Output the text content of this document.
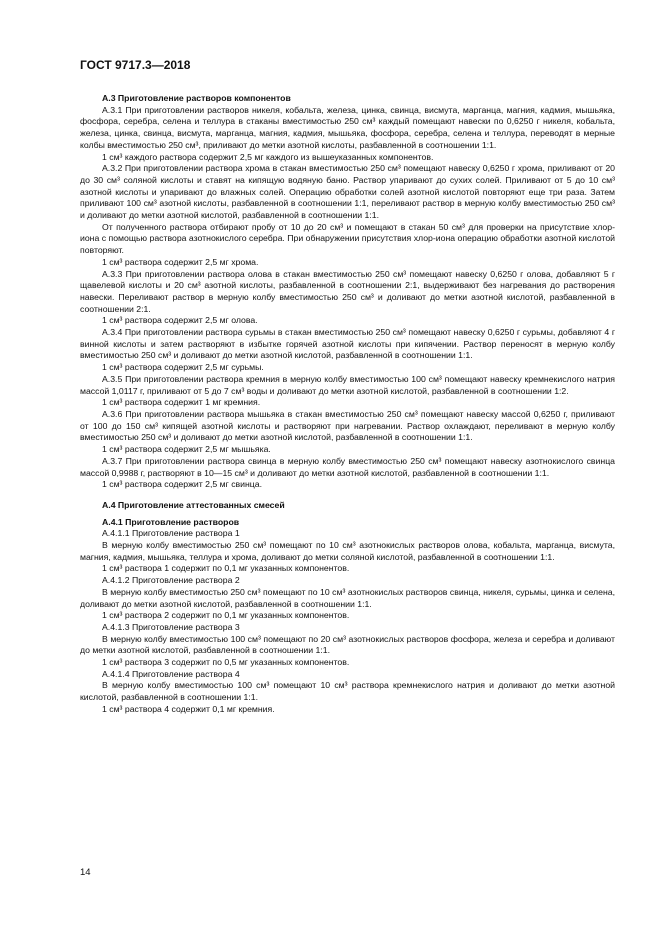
ГОСТ 9717.3—2018

А.3 Приготовление растворов компонентов

А.3.1 При приготовлении растворов никеля, кобальта, железа, цинка, свинца, висмута, марганца, магния, кадмия, мышьяка, фосфора, серебра, селена и теллура в стаканы вместимостью 250 см³ каждый помещают навески по 0,6250 г никеля, кобальта, железа, цинка, свинца, висмута, марганца, магния, кадмия, мышьяка, фосфора, серебра, селена и теллура, переводят в мерные колбы вместимостью 250 см³, приливают до метки азотной кислоты, разбавленной в соотношении 1:1.

1 см³ каждого раствора содержит 2,5 мг каждого из вышеуказанных компонентов.

А.3.2 При приготовлении раствора хрома в стакан вместимостью 250 см³ помещают навеску 0,6250 г хрома, приливают от 20 до 30 см³ соляной кислоты и ставят на кипящую водяную баню. Раствор упаривают до сухих солей. Приливают от 5 до 10 см³ азотной кислоты и упаривают до влажных солей. Операцию обработки солей азотной кислотой повторяют еще три раза. Затем приливают 100 см³ азотной кислоты, разбавленной в соотношении 1:1, переливают раствор в мерную колбу вместимостью 250 см³ и доливают до метки азотной кислотой, разбавленной в соотношении 1:1.

От полученного раствора отбирают пробу от 10 до 20 см³ и помещают в стакан 50 см³ для проверки на присутствие хлор-иона с помощью раствора азотнокислого серебра. При обнаружении присутствия хлор-иона операцию обработки азотной кислотой повторяют.

1 см³ раствора содержит 2,5 мг хрома.

А.3.3 При приготовлении раствора олова в стакан вместимостью 250 см³ помещают навеску 0,6250 г олова, добавляют 5 г щавелевой кислоты и 20 см³ азотной кислоты, разбавленной в соотношении 2:1, выдерживают без нагревания до растворения навески. Переливают раствор в мерную колбу вместимостью 250 см³ и доливают до метки азотной кислотой, разбавленной в соотношении 2:1.

1 см³ раствора содержит 2,5 мг олова.

А.3.4 При приготовлении раствора сурьмы в стакан вместимостью 250 см³ помещают навеску 0,6250 г сурьмы, добавляют 4 г винной кислоты и затем растворяют в избытке горячей азотной кислоты при кипячении. Раствор переносят в мерную колбу вместимостью 250 см³ и доливают до метки азотной кислотой, разбавленной в соотношении 1:1.

1 см³ раствора содержит 2,5 мг сурьмы.

А.3.5 При приготовлении раствора кремния в мерную колбу вместимостью 100 см³ помещают навеску кремнекислого натрия массой 1,0117 г, приливают от 5 до 7 см³ воды и доливают до метки азотной кислотой, разбавленной в соотношении 1:2.

1 см³ раствора содержит 1 мг кремния.

А.3.6 При приготовлении раствора мышьяка в стакан вместимостью 250 см³ помещают навеску массой 0,6250 г, приливают от 100 до 150 см³ кипящей азотной кислоты и растворяют при нагревании. Раствор охлаждают, переливают в мерную колбу вместимостью 250 см³ и доливают до метки азотной кислотой, разбавленной в соотношении 1:1.

1 см³ раствора содержит 2,5 мг мышьяка.

А.3.7 При приготовлении раствора свинца в мерную колбу вместимостью 250 см³ помещают навеску азотнокислого свинца массой 0,9988 г, растворяют в 10—15 см³ и доливают до метки азотной кислотой, разбавленной в соотношении 1:1.

1 см³ раствора содержит 2,5 мг свинца.

А.4 Приготовление аттестованных смесей

А.4.1 Приготовление растворов

А.4.1.1 Приготовление раствора 1

В мерную колбу вместимостью 250 см³ помещают по 10 см³ азотнокислых растворов олова, кобальта, марганца, висмута, магния, кадмия, мышьяка, теллура и хрома, доливают до метки соляной кислотой, разбавленной в соотношении 1:1.

1 см³ раствора 1 содержит по 0,1 мг указанных компонентов.

А.4.1.2 Приготовление раствора 2

В мерную колбу вместимостью 250 см³ помещают по 10 см³ азотнокислых растворов свинца, никеля, сурьмы, цинка и селена, доливают до метки азотной кислотой, разбавленной в соотношении 1:1.

1 см³ раствора 2 содержит по 0,1 мг указанных компонентов.

А.4.1.3 Приготовление раствора 3

В мерную колбу вместимостью 100 см³ помещают по 20 см³ азотнокислых растворов фосфора, железа и серебра и доливают до метки азотной кислотой, разбавленной в соотношении 1:1.

1 см³ раствора 3 содержит по 0,5 мг указанных компонентов.

А.4.1.4 Приготовление раствора 4

В мерную колбу вместимостью 100 см³ помещают 10 см³ раствора кремнекислого натрия и доливают до метки азотной кислотой, разбавленной в соотношении 1:1.

1 см³ раствора 4 содержит 0,1 мг кремния.

14
